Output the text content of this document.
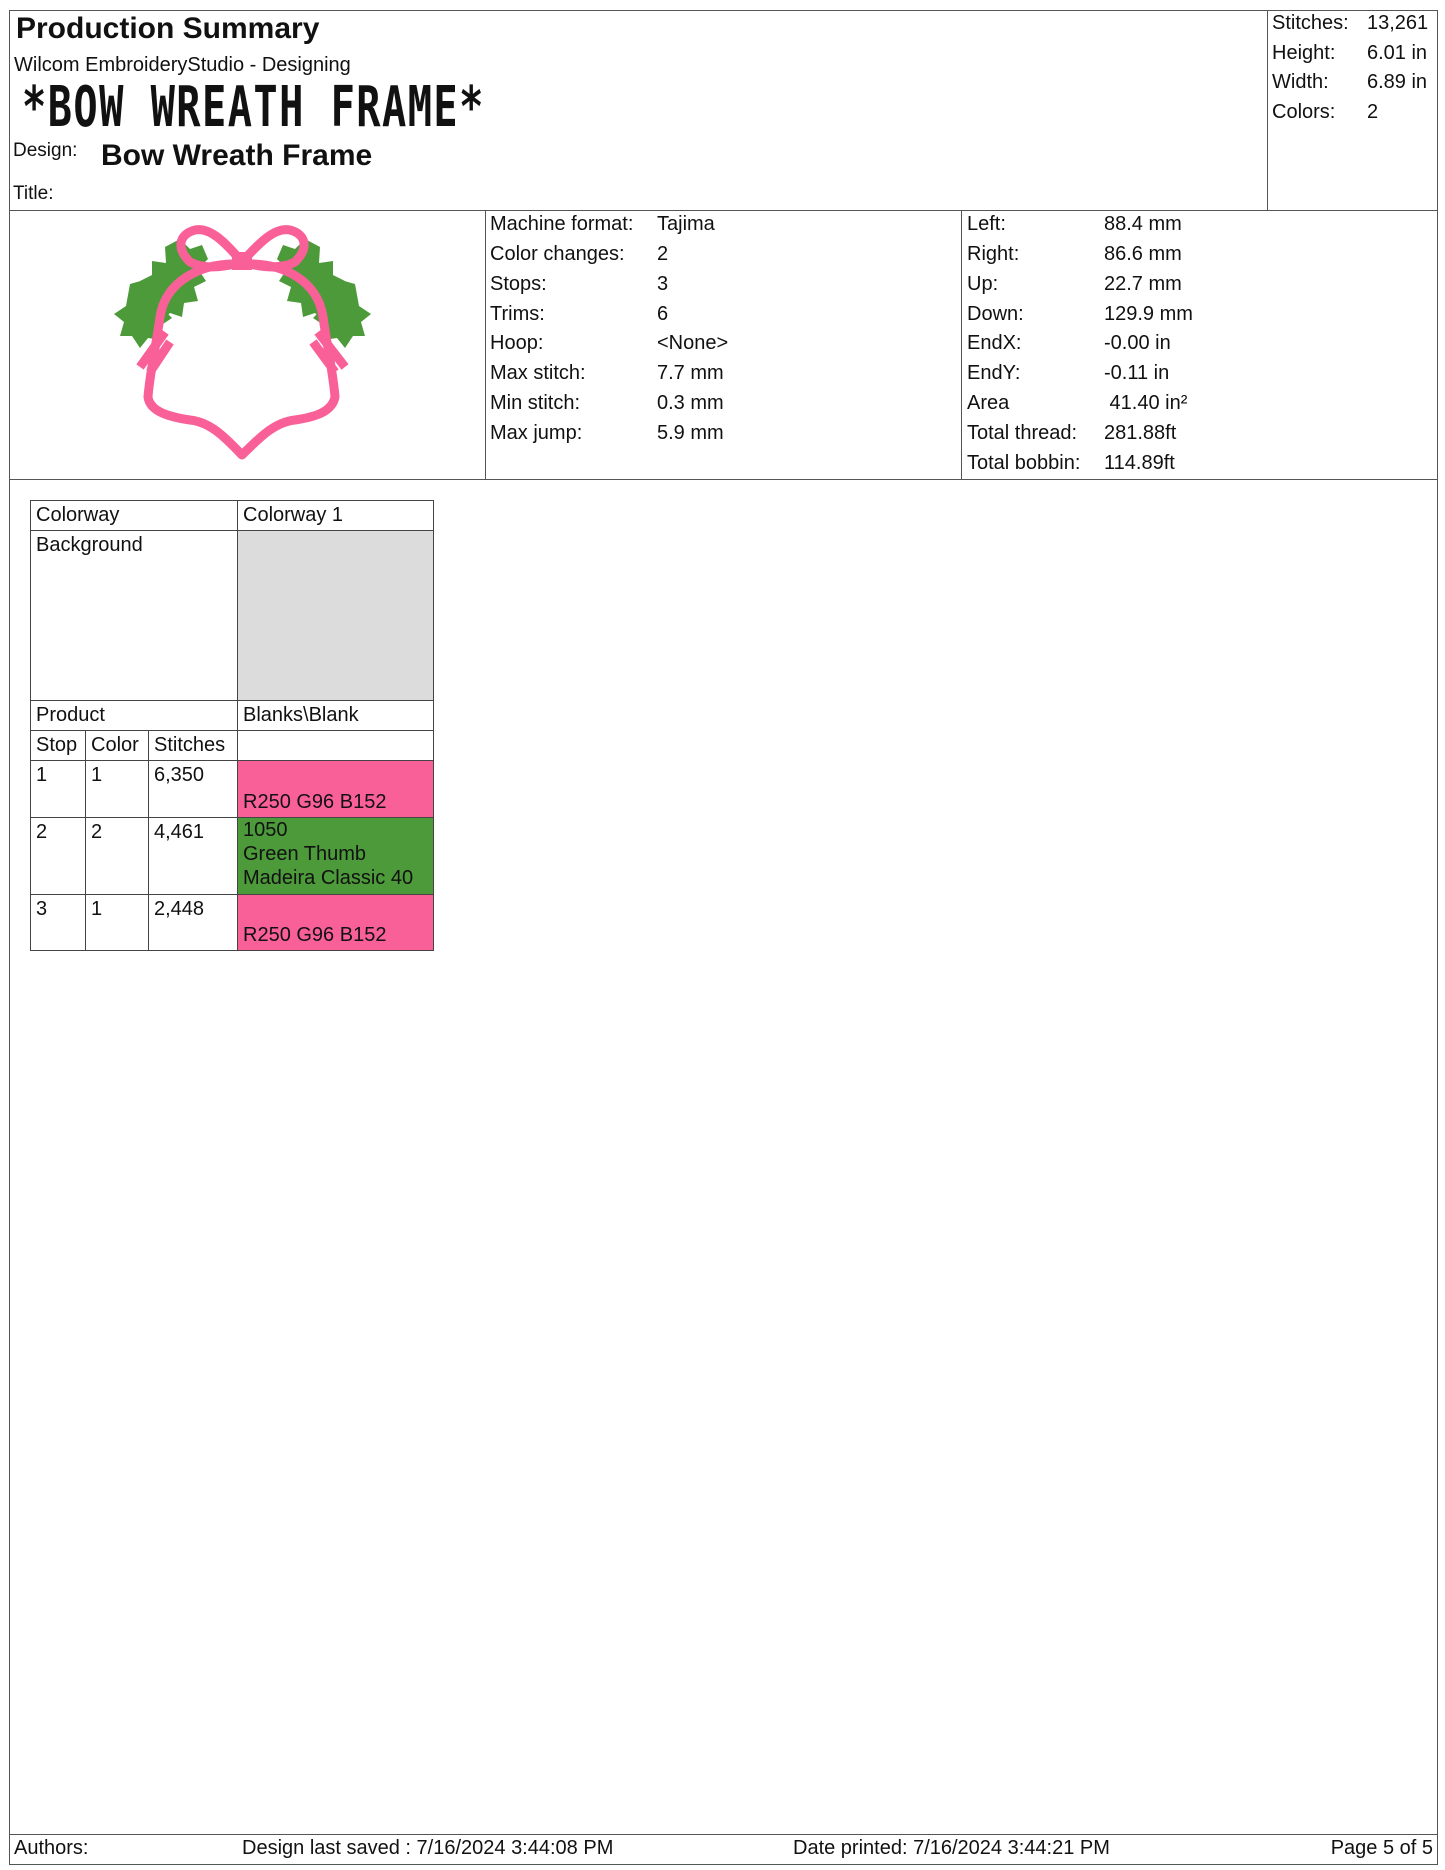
Production Summary
Wilcom EmbroideryStudio - Designing
*BOW WREATH FRAME*
Design: Bow Wreath Frame
Title:
Stitches: 13,261
Height: 6.01 in
Width: 6.89 in
Colors: 2
Machine format: Tajima
Color changes: 2
Stops:	3
Trims:	6
Hoop:	<None>
Max stitch:	7.7 mm
Min stitch:	0.3 mm
Max jump:	5.9 mm
Left:	88.4 mm
Right:	86.6 mm
Up:	22.7 mm
Down:	129.9 mm
EndX:	-0.00 in
EndY:	-0.11 in
Area	41.40 in²
Total thread: 281.88ft
Total bobbin: 114.89ft
Colorway			Colorway 1
Background			
Product			Blanks\Blank
Stop	Color	Stitches	
1	1	6,350	R250 G96 B152

2	2	4,461	1050
Green Thumb
Madeira Classic 40

3	1	2,448	R250 G96 B152
Authors:	Design last saved : 7/16/2024 3:44:08 PM	Date printed: 7/16/2024 3:44:21 PM	Page 5 of 5
